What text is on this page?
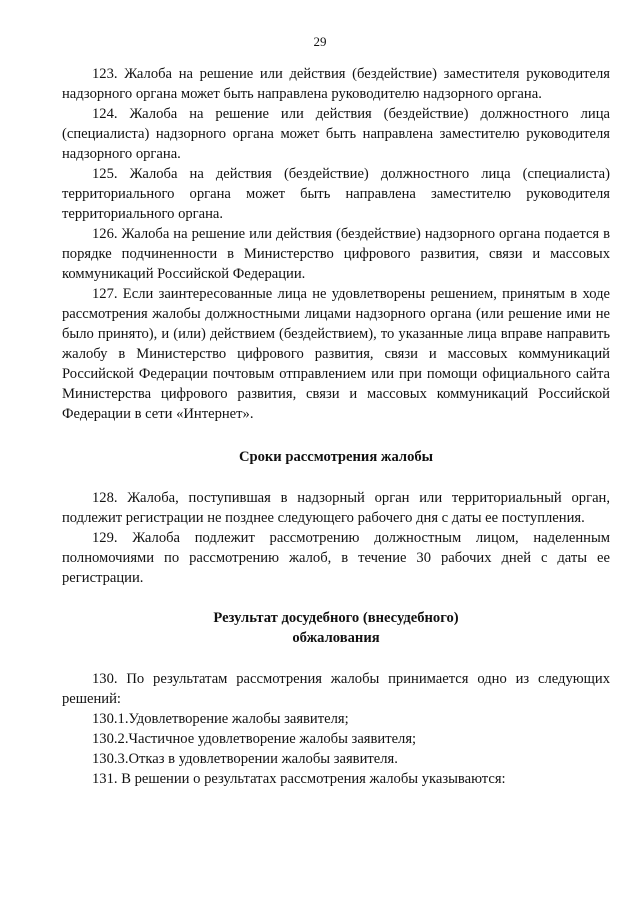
29

123. Жалоба на решение или действия (бездействие) заместителя руководителя надзорного органа может быть направлена руководителю надзорного органа.

124. Жалоба на решение или действия (бездействие) должностного лица (специалиста) надзорного органа может быть направлена заместителю руководителя надзорного органа.

125. Жалоба на действия (бездействие) должностного лица (специалиста) территориального органа может быть направлена заместителю руководителя территориального органа.

126. Жалоба на решение или действия (бездействие) надзорного органа подается в порядке подчиненности в Министерство цифрового развития, связи и массовых коммуникаций Российской Федерации.

127. Если заинтересованные лица не удовлетворены решением, принятым в ходе рассмотрения жалобы должностными лицами надзорного органа (или решение ими не было принято), и (или) действием (бездействием), то указанные лица вправе направить жалобу в Министерство цифрового развития, связи и массовых коммуникаций Российской Федерации почтовым отправлением или при помощи официального сайта Министерства цифрового развития, связи и массовых коммуникаций Российской Федерации в сети «Интернет».

Сроки рассмотрения жалобы

128. Жалоба, поступившая в надзорный орган или территориальный орган, подлежит регистрации не позднее следующего рабочего дня с даты ее поступления.

129. Жалоба подлежит рассмотрению должностным лицом, наделенным полномочиями по рассмотрению жалоб, в течение 30 рабочих дней с даты ее регистрации.

Результат досудебного (внесудебного)
обжалования

130. По результатам рассмотрения жалобы принимается одно из следующих решений:

130.1.Удовлетворение жалобы заявителя;

130.2.Частичное удовлетворение жалобы заявителя;

130.3.Отказ в удовлетворении жалобы заявителя.

131. В решении о результатах рассмотрения жалобы указываются:
